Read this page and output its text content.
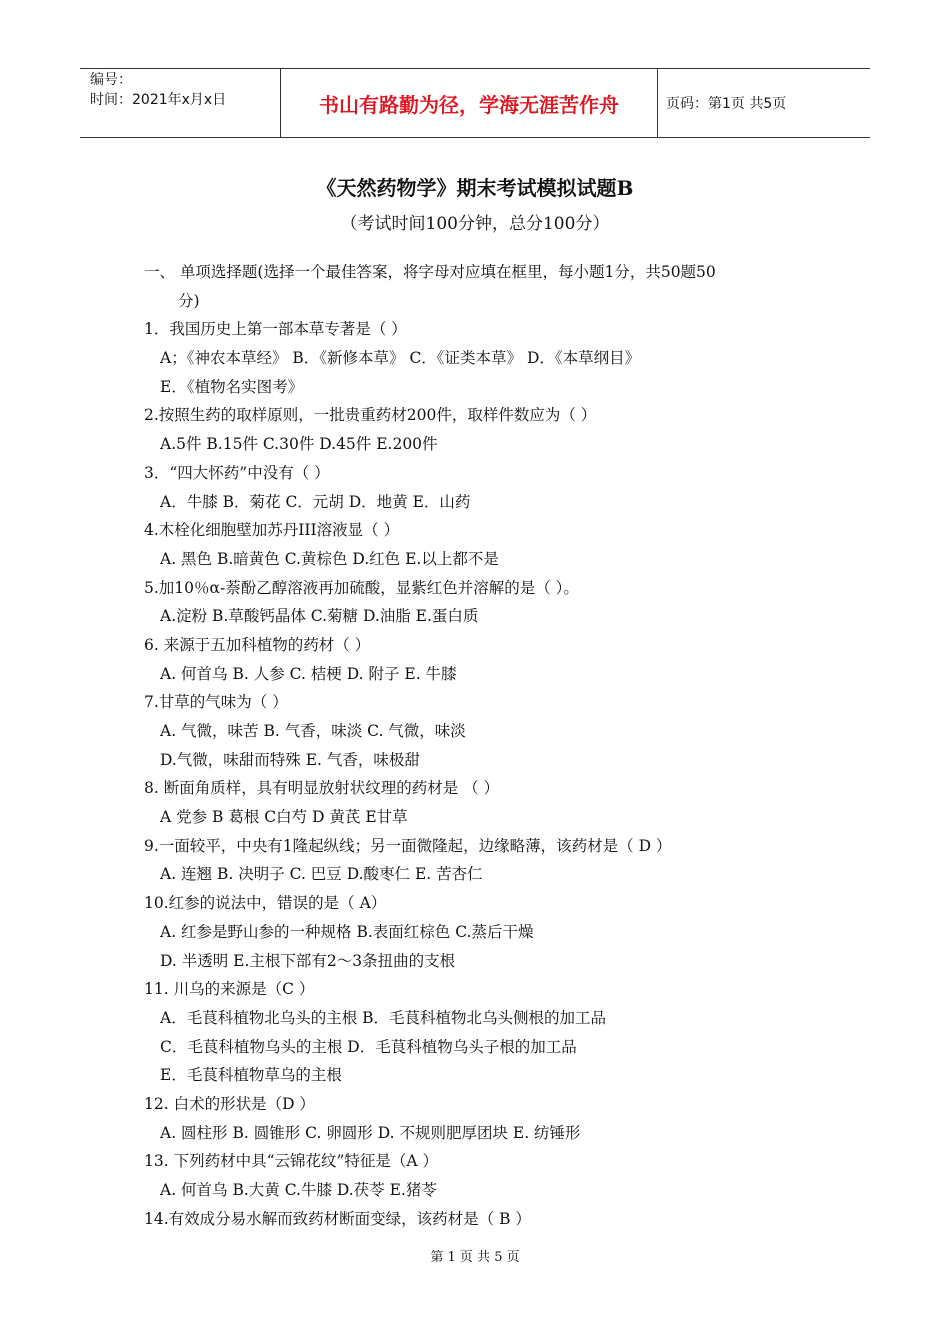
编号：
时间：2021年x月x日	书山有路勤为径，学海无涯苦作舟	页码：第1页 共5页
《天然药物学》期末考试模拟试题B
（考试时间100分钟，总分100分）
一、 单项选择题(选择一个最佳答案，将字母对应填在框里，每小题1分，共50题50
分)
1．我国历史上第一部本草专著是（ ）
A；《神农本草经》 B．《新修本草》 C．《证类本草》 D．《本草纲目》
E．《植物名实图考》
2.按照生药的取样原则，一批贵重药材200件，取样件数应为（ ）
A.5件 B.15件 C.30件 D.45件 E.200件
3．“四大怀药”中没有（ ）
A．牛膝 B．菊花 C．元胡 D．地黄 E．山药
4.木栓化细胞壁加苏丹III溶液显（ ）
A. 黑色 B.暗黄色 C.黄棕色 D.红色 E.以上都不是
5.加10％α-萘酚乙醇溶液再加硫酸，显紫红色并溶解的是（ ）。
A.淀粉 B.草酸钙晶体 C.菊糖 D.油脂 E.蛋白质
6. 来源于五加科植物的药材（ ）
A. 何首乌 B. 人参 C. 桔梗 D. 附子 E. 牛膝
7.甘草的气味为（ ）
A. 气微，味苦 B. 气香，味淡 C. 气微，味淡
D.气微，味甜而特殊 E. 气香，味极甜
8. 断面角质样，具有明显放射状纹理的药材是 （ ）
A 党参 B 葛根 C白芍 D 黄芪 E甘草
9.一面较平，中央有1隆起纵线；另一面微隆起，边缘略薄，该药材是（ D ）
A. 连翘 B. 决明子 C. 巴豆 D.酸枣仁 E. 苦杏仁
10.红参的说法中，错误的是（ A）
A. 红参是野山参的一种规格 B.表面红棕色 C.蒸后干燥
D. 半透明 E.主根下部有2～3条扭曲的支根
11. 川乌的来源是（C ）
A．毛茛科植物北乌头的主根 B．毛茛科植物北乌头侧根的加工品
C．毛茛科植物乌头的主根 D．毛茛科植物乌头子根的加工品
E．毛茛科植物草乌的主根
12. 白术的形状是（D ）
A. 圆柱形 B. 圆锥形 C. 卵圆形 D. 不规则肥厚团块 E. 纺锤形
13. 下列药材中具“云锦花纹”特征是（A ）
A. 何首乌 B.大黄 C.牛膝 D.茯苓 E.猪苓
14.有效成分易水解而致药材断面变绿，该药材是（ B ）
第 1 页 共 5 页
